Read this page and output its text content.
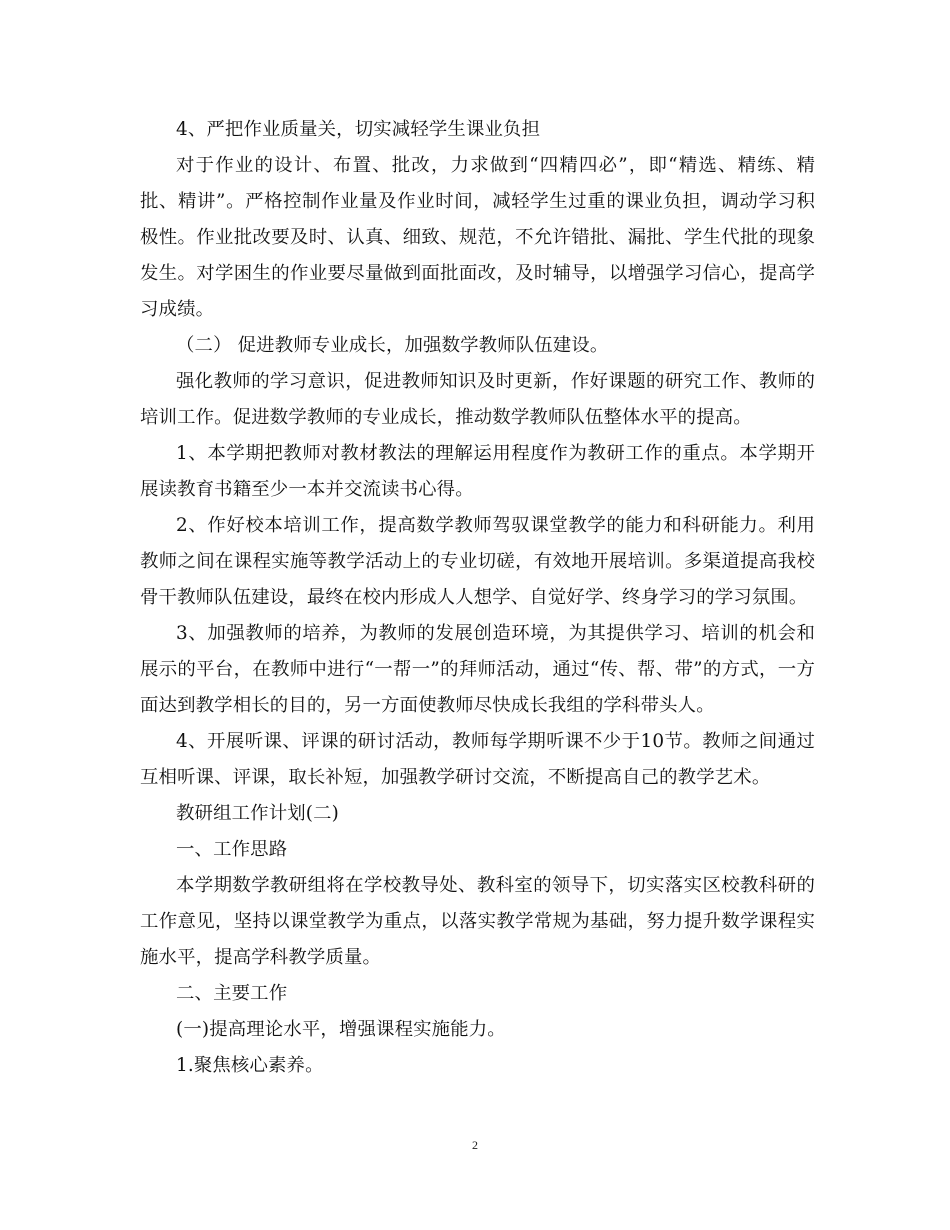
4、严把作业质量关，切实减轻学生课业负担

对于作业的设计、布置、批改，力求做到“四精四必”，即“精选、精练、精批、精讲”。严格控制作业量及作业时间，减轻学生过重的课业负担，调动学习积极性。作业批改要及时、认真、细致、规范，不允许错批、漏批、学生代批的现象发生。对学困生的作业要尽量做到面批面改，及时辅导，以增强学习信心，提高学习成绩。

（二） 促进教师专业成长，加强数学教师队伍建设。

强化教师的学习意识，促进教师知识及时更新，作好课题的研究工作、教师的培训工作。促进数学教师的专业成长，推动数学教师队伍整体水平的提高。

1、本学期把教师对教材教法的理解运用程度作为教研工作的重点。本学期开展读教育书籍至少一本并交流读书心得。

2、作好校本培训工作，提高数学教师驾驭课堂教学的能力和科研能力。利用教师之间在课程实施等教学活动上的专业切磋，有效地开展培训。多渠道提高我校骨干教师队伍建设，最终在校内形成人人想学、自觉好学、终身学习的学习氛围。

3、加强教师的培养，为教师的发展创造环境，为其提供学习、培训的机会和展示的平台，在教师中进行“一帮一”的拜师活动，通过“传、帮、带”的方式，一方面达到教学相长的目的，另一方面使教师尽快成长我组的学科带头人。

4、开展听课、评课的研讨活动，教师每学期听课不少于10节。教师之间通过互相听课、评课，取长补短，加强教学研讨交流，不断提高自己的教学艺术。

教研组工作计划(二)

一、工作思路

本学期数学教研组将在学校教导处、教科室的领导下，切实落实区校教科研的工作意见，坚持以课堂教学为重点，以落实教学常规为基础，努力提升数学课程实施水平，提高学科教学质量。

二、主要工作

(一)提高理论水平，增强课程实施能力。

1.聚焦核心素养。

2
